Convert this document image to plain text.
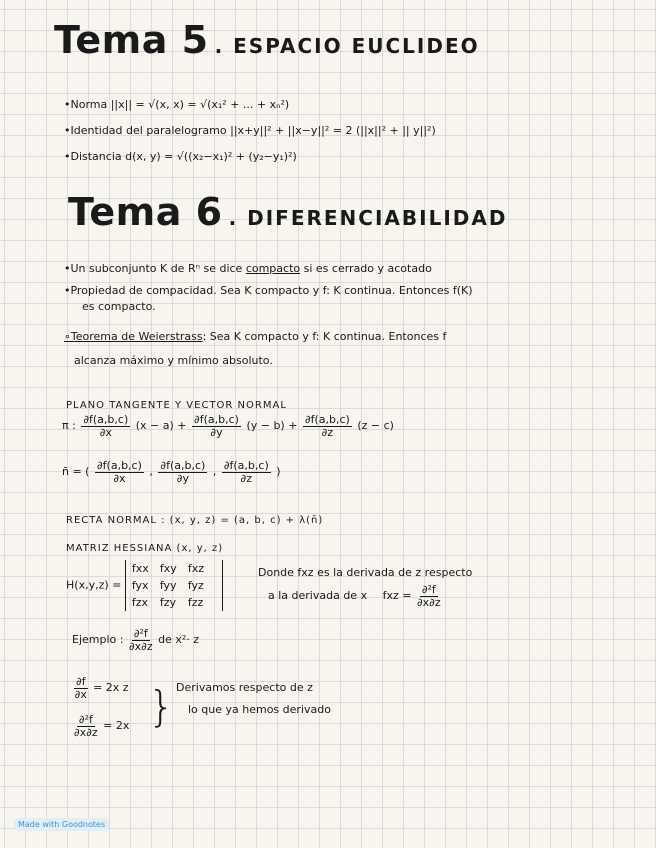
Tema 5 . ESPACIO EUCLIDEO
•Norma ||x|| = √(x, x) = √(x₁² + ... + xₙ²)
•Identidad del paralelogramo ||x+y||² + ||x−y||² = 2 (||x||² + || y||²)
•Distancia d(x, y) = √((x₂−x₁)² + (y₂−y₁)²)
Tema 6 . DIFERENCIABILIDAD
•Un subconjunto K de Rⁿ se dice compacto si es cerrado y acotado
•Propiedad de compacidad. Sea K compacto y f: K continua. Entonces f(K)
es compacto.
∘Teorema de Weierstrass: Sea K compacto y f: K continua. Entonces f
alcanza máximo y mínimo absoluto.
PLANO TANGENTE Y VECTOR NORMAL
π : $\frac{\partial f(a,b,c)}{\partial x} (x - a) + \frac{\partial f(a,b,c)}{\partial y} (y - b) + \frac{\partial f(a,b,c)}{\partial z} (z - c)$
n̄ = ( $\frac{\partial f(a,b,c)}{\partial x}$ , $\frac{\partial f(a,b,c)}{\partial y}$ , $\frac{\partial f(a,b,c)}{\partial z}$ )
RECTA NORMAL : (x, y, z) = (a, b, c) + λ(n̄)
MATRIZ HESSIANA (x, y, z)
H(x,y,z) =
fxx	fxy	fxz
fyx	fyy	fyz
fzx	fzy	fzz
Donde fxz es la derivada de z respecto
a la derivada de x fxz = $\frac{\text{∂²f}}{\partial x\partial z}$
Ejemplo : $\frac{\text{∂²f}}{\partial x\partial z}$ de x²· z
$\frac{\partial f}{\partial x} = 2x$ z
$\frac{\text{∂²f}}{\partial x\partial z} = 2x$ } Derivamos respecto de z
lo que ya hemos derivado
Made with Goodnotes
